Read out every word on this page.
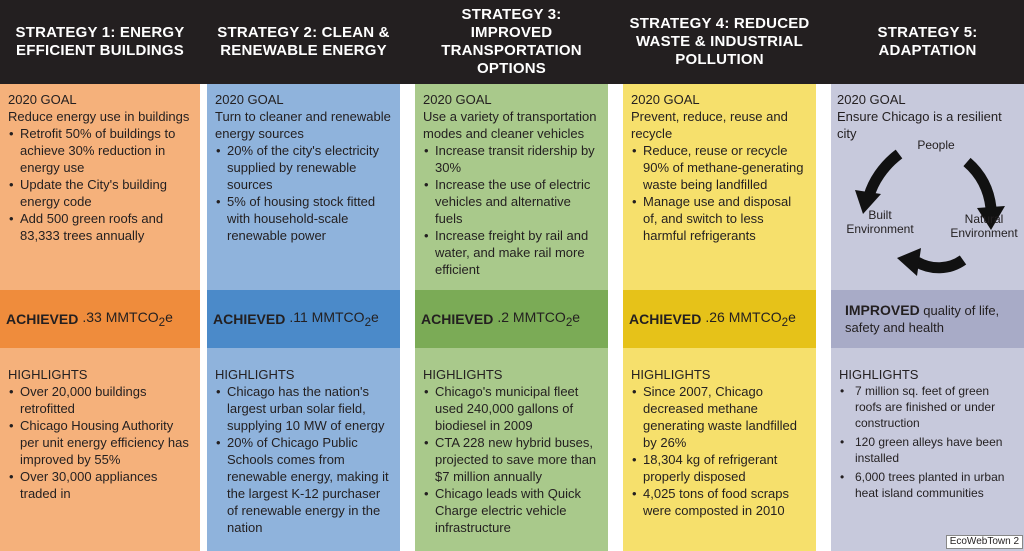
STRATEGY 1: ENERGY EFFICIENT BUILDINGS
2020 GOAL
Reduce energy use in buildings
• Retrofit 50% of buildings to achieve 30% reduction in energy use
• Update the City's building energy code
• Add 500 green roofs and 83,333 trees annually
ACHIEVED .33 $MMTCO_2e$
HIGHLIGHTS
• Over 20,000 buildings retrofitted
• Chicago Housing Authority per unit energy efficiency has improved by 55%
• Over 30,000 appliances traded in
STRATEGY 2: CLEAN & RENEWABLE ENERGY
2020 GOAL
Turn to cleaner and renewable energy sources
• 20% of the city's electricity supplied by renewable sources
• 5% of housing stock fitted with household-scale renewable power
ACHIEVED .11 $MMTCO_2e$
HIGHLIGHTS
• Chicago has the nation's largest urban solar field, supplying 10 MW of energy
• 20% of Chicago Public Schools comes from renewable energy, making it the largest K-12 purchaser of renewable energy in the nation
STRATEGY 3: IMPROVED TRANSPORTATION OPTIONS
2020 GOAL
Use a variety of transportation modes and cleaner vehicles
• Increase transit ridership by 30%
• Increase the use of electric vehicles and alternative fuels
• Increase freight by rail and water, and make rail more efficient
ACHIEVED .2 $MMTCO_2e$
HIGHLIGHTS
• Chicago's municipal fleet used 240,000 gallons of biodiesel in 2009
• CTA 228 new hybrid buses, projected to save more than $7 million annually
• Chicago leads with Quick Charge electric vehicle infrastructure
STRATEGY 4: REDUCED WASTE & INDUSTRIAL POLLUTION
2020 GOAL
Prevent, reduce, reuse and recycle
• Reduce, reuse or recycle 90% of methane-generating waste being landfilled
• Manage use and disposal of, and switch to less harmful refrigerants
ACHIEVED .26 $MMTCO_2e$
HIGHLIGHTS
• Since 2007, Chicago decreased methane generating waste landfilled by 26%
• 18,304 kg of refrigerant properly disposed
• 4,025 tons of food scraps were composted in 2010
STRATEGY 5: ADAPTATION
2020 GOAL
Ensure Chicago is a resilient city
People
Built
Environment
Natural
Environment
IMPROVED quality of life, safety and health
HIGHLIGHTS
• 7 million sq. feet of green roofs are finished or under construction
• 120 green alleys have been installed
• 6,000 trees planted in urban heat island communities
EcoWebTown 2
